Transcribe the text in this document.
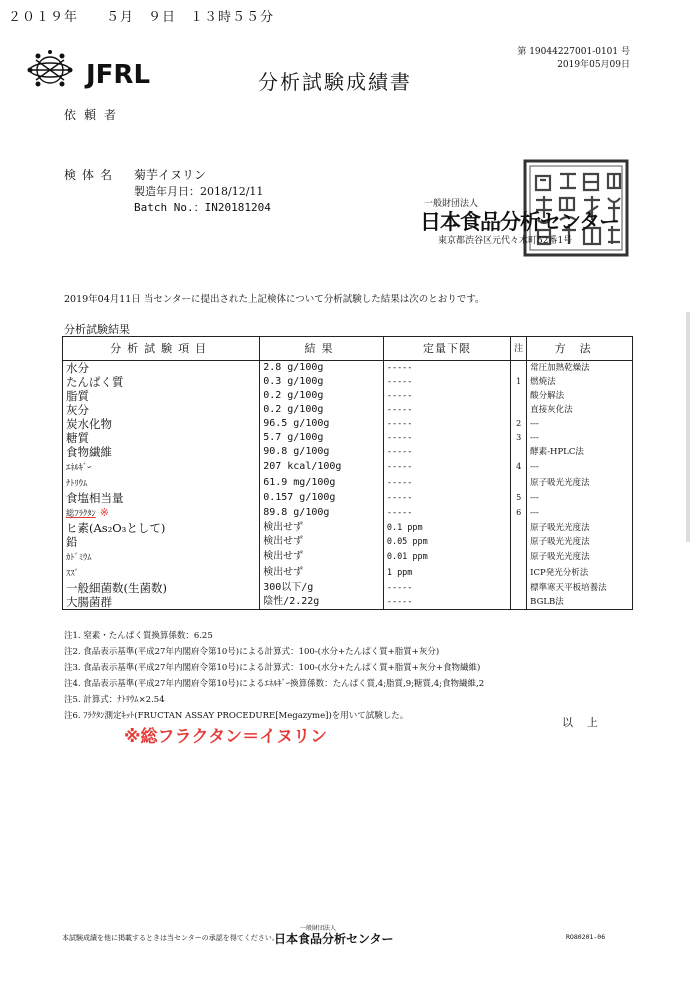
２０１９年　　５月　９日　１３時５５分
JFRL	分析試験成績書
第 19044227001-0101 号
2019年05月09日
依頼者
検体名 菊芋イヌリン
製造年月日：2018/12/11
Batch No.：IN20181204	一般財団法人
日本食品分析センター
東京都渋谷区元代々木町52番1号
2019年04月11日 当センターに提出された上記検体について分析試験した結果は次のとおりです。
分析試験結果
分析試験項目	結果	定量下限	注	方法
水分	2.8 g/100g	-----		常圧加熱乾燥法
たんぱく質	0.3 g/100g	-----	1	燃焼法
脂質	0.2 g/100g	-----		酸分解法
灰分	0.2 g/100g	-----		直接灰化法
炭水化物	96.5 g/100g	-----	2	---
糖質	5.7 g/100g	-----	3	---
食物繊維	90.8 g/100g	-----		酵素-HPLC法
ｴﾈﾙｷﾞｰ	207 kcal/100g	-----	4	---
ﾅﾄﾘｳﾑ	61.9 mg/100g	-----		原子吸光光度法
食塩相当量	0.157 g/100g	-----	5	---
総ﾌﾗｸﾀﾝ ※	89.8 g/100g	-----	6	---
ヒ素(As₂O₃として)	検出せず	0.1 ppm		原子吸光光度法
鉛	検出せず	0.05 ppm		原子吸光光度法
ｶﾄﾞﾐｳﾑ	検出せず	0.01 ppm		原子吸光光度法
ｽｽﾞ	検出せず	1 ppm		ICP発光分析法
一般細菌数(生菌数)	300以下/g	-----		標準寒天平板培養法
大腸菌群	陰性/2.22g	-----		BGLB法
注1. 窒素・たんぱく質換算係数：6.25
注2. 食品表示基準(平成27年内閣府令第10号)による計算式：100-(水分+たんぱく質+脂質+灰分)
注3. 食品表示基準(平成27年内閣府令第10号)による計算式：100-(水分+たんぱく質+脂質+灰分+食物繊維)
注4. 食品表示基準(平成27年内閣府令第10号)によるｴﾈﾙｷﾞｰ換算係数：たんぱく質,4;脂質,9;糖質,4;食物繊維,2
注5. 計算式：ﾅﾄﾘｳﾑ×2.54
注6. ﾌﾗｸﾀﾝ測定ｷｯﾄ(FRUCTAN ASSAY PROCEDURE[Megazyme])を用いて試験した。	以上
※総フラクタン＝イヌリン
本試験成績を他に掲載するときは当センターの承認を得てください。
一般財団法人
日本食品分析センター	RO80201-06
